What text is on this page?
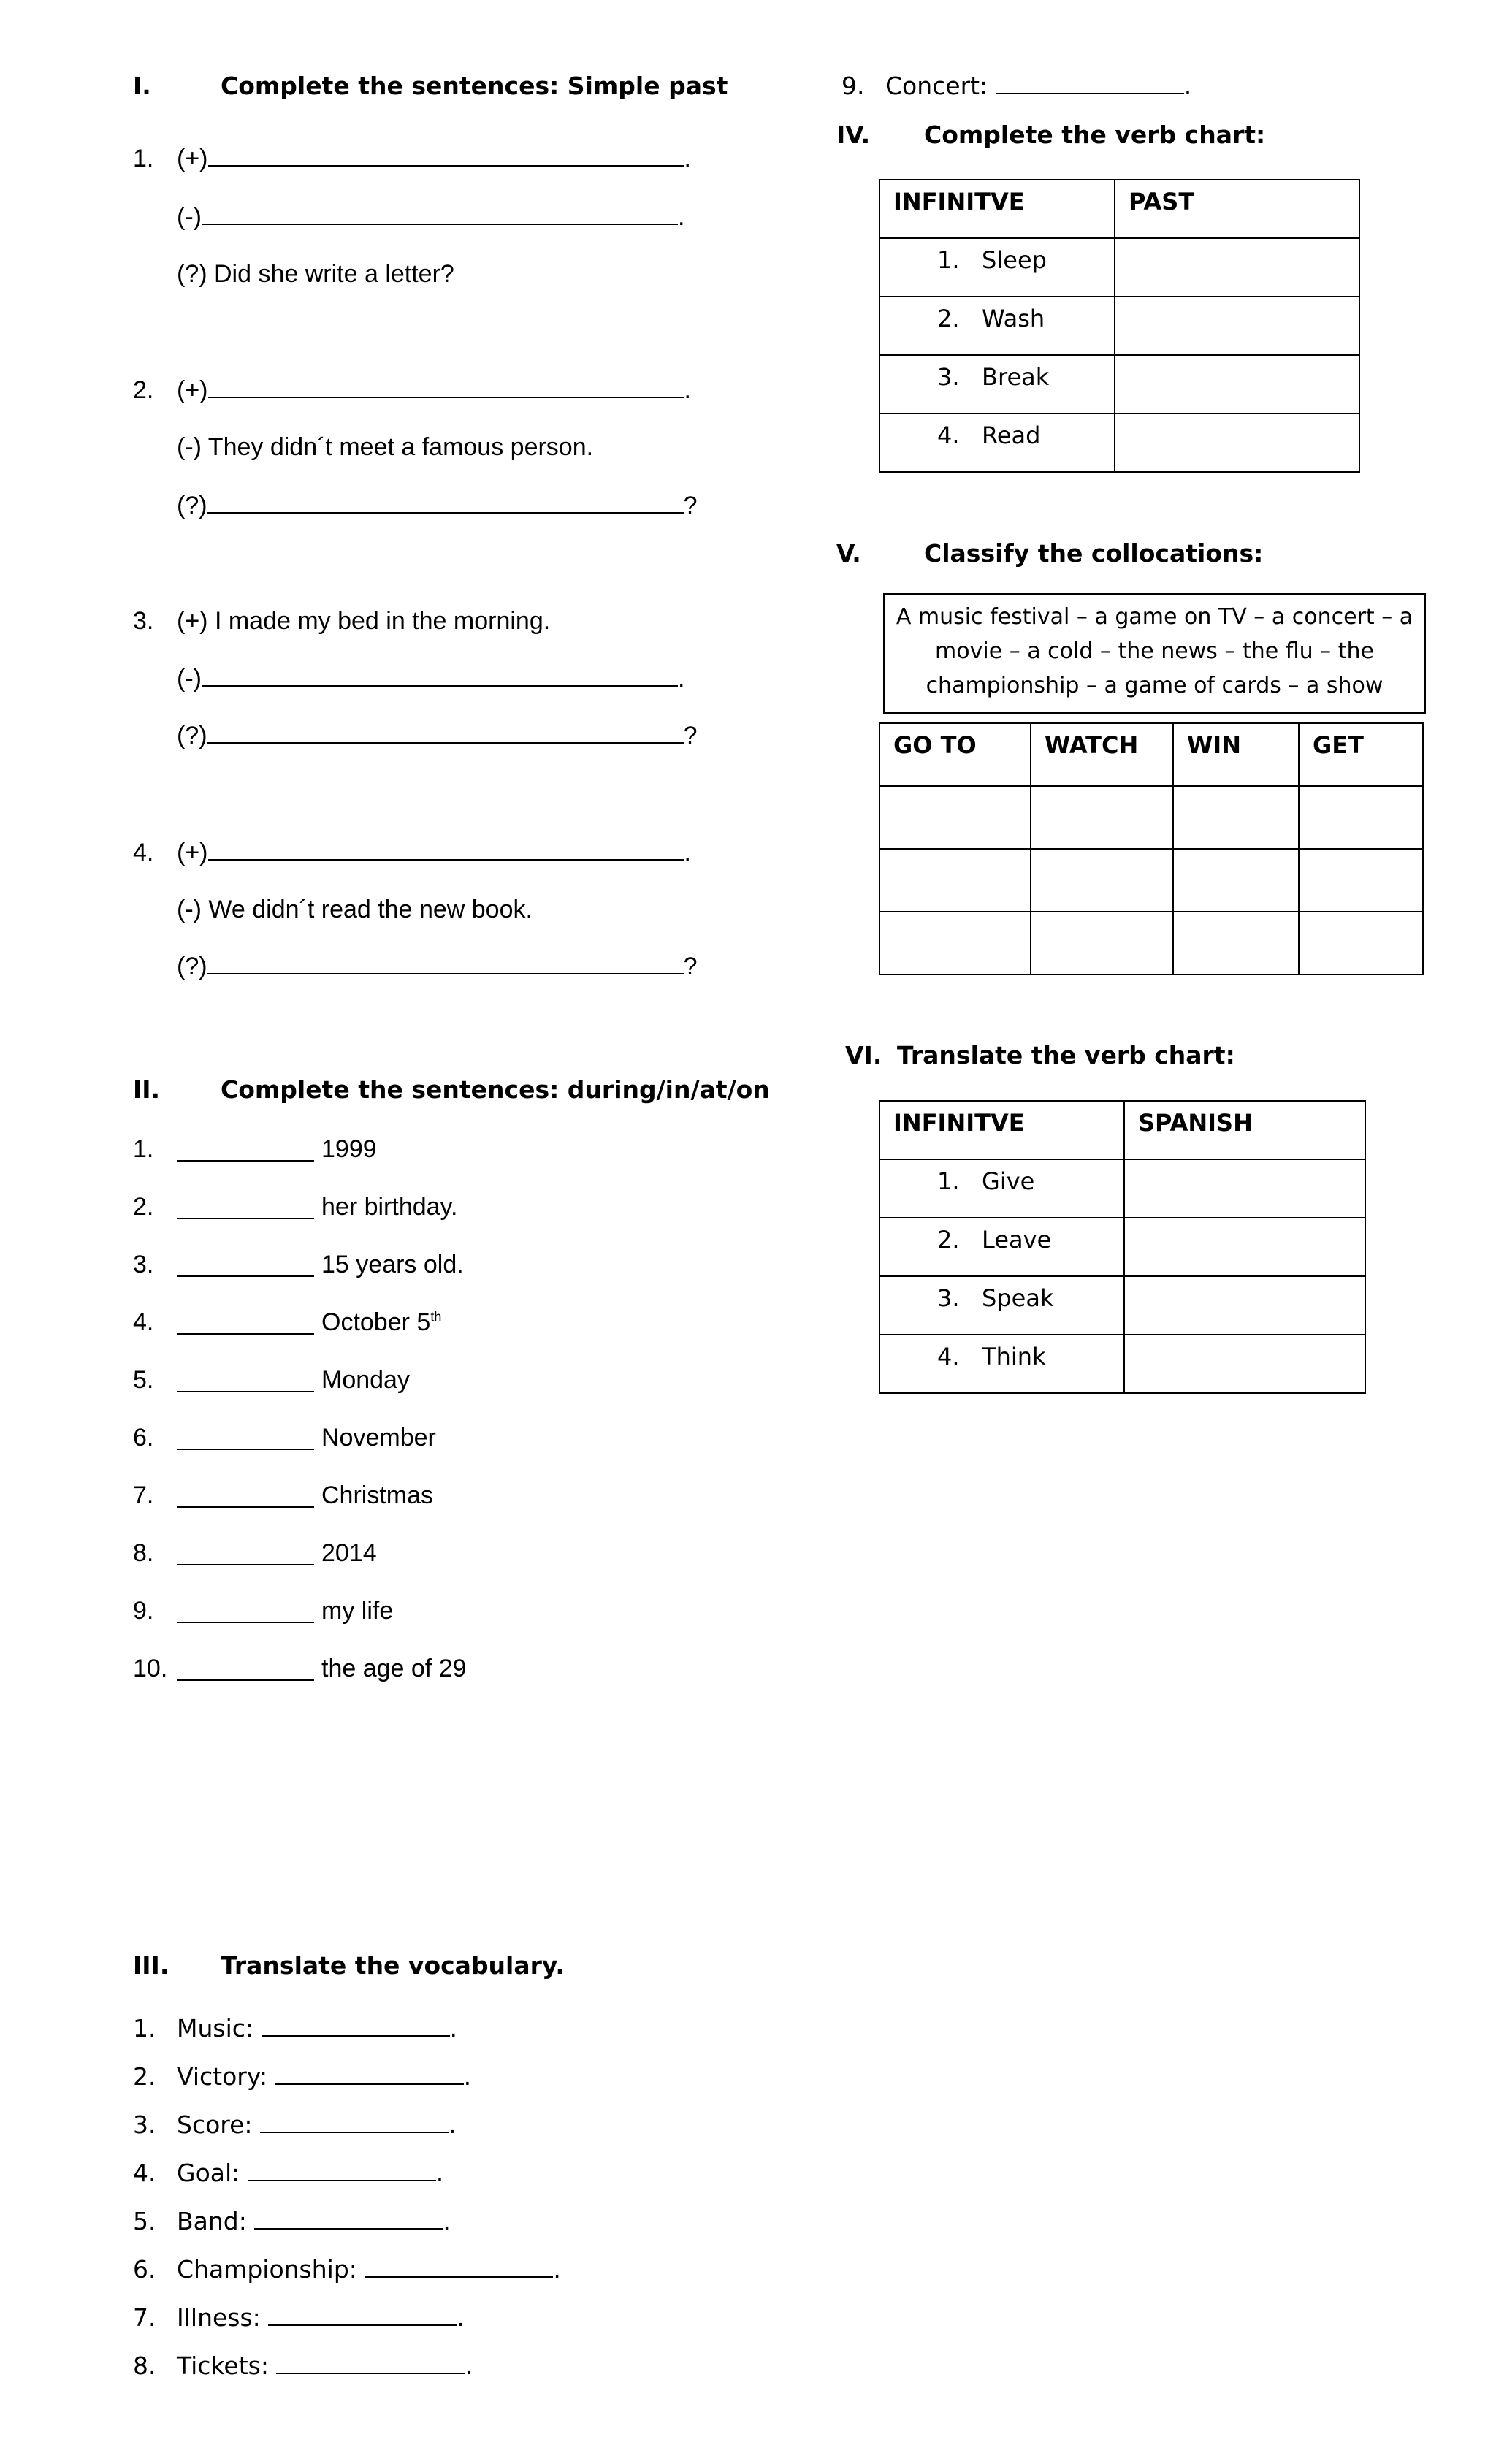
I.	Complete the sentences: Simple past
1. (+)	.
(-)	.
(?) Did she write a letter?
2. (+)	.
(-) They didn´t meet a famous person.
(?)	?
3. (+) I made my bed in the morning.
(-)	.
(?)	?
4. (+)	.
(-) We didn´t read the new book.
(?)	?
II.	Complete the sentences: during/in/at/on
1.	1999
2.	her birthday.
3.	15 years old.
4.	October 5th
5.	Monday
6.	November
7.	Christmas
8.	2014
9.	my life
10.	the age of 29
III. Translate the vocabulary.
1. Music:	.
2. Victory:	.
3. Score:	.
4. Goal:	.
5. Band:	.
6. Championship:	.
7. Illness:	.
8. Tickets:	.
9. Concert:	.
IV. Complete the verb chart:
INFINITVE	PAST

1. Sleep	

2. Wash	

3. Break	

4. Read	

V.	Classify the collocations:
A music festival – a game on TV – a concert – a
movie – a cold – the news – the flu – the
championship – a game of cards – a show
GO TO	WATCH	WIN	GET

VI. Translate the verb chart:
INFINITVE	SPANISH

1. Give	

2. Leave	

3. Speak	

4. Think	
